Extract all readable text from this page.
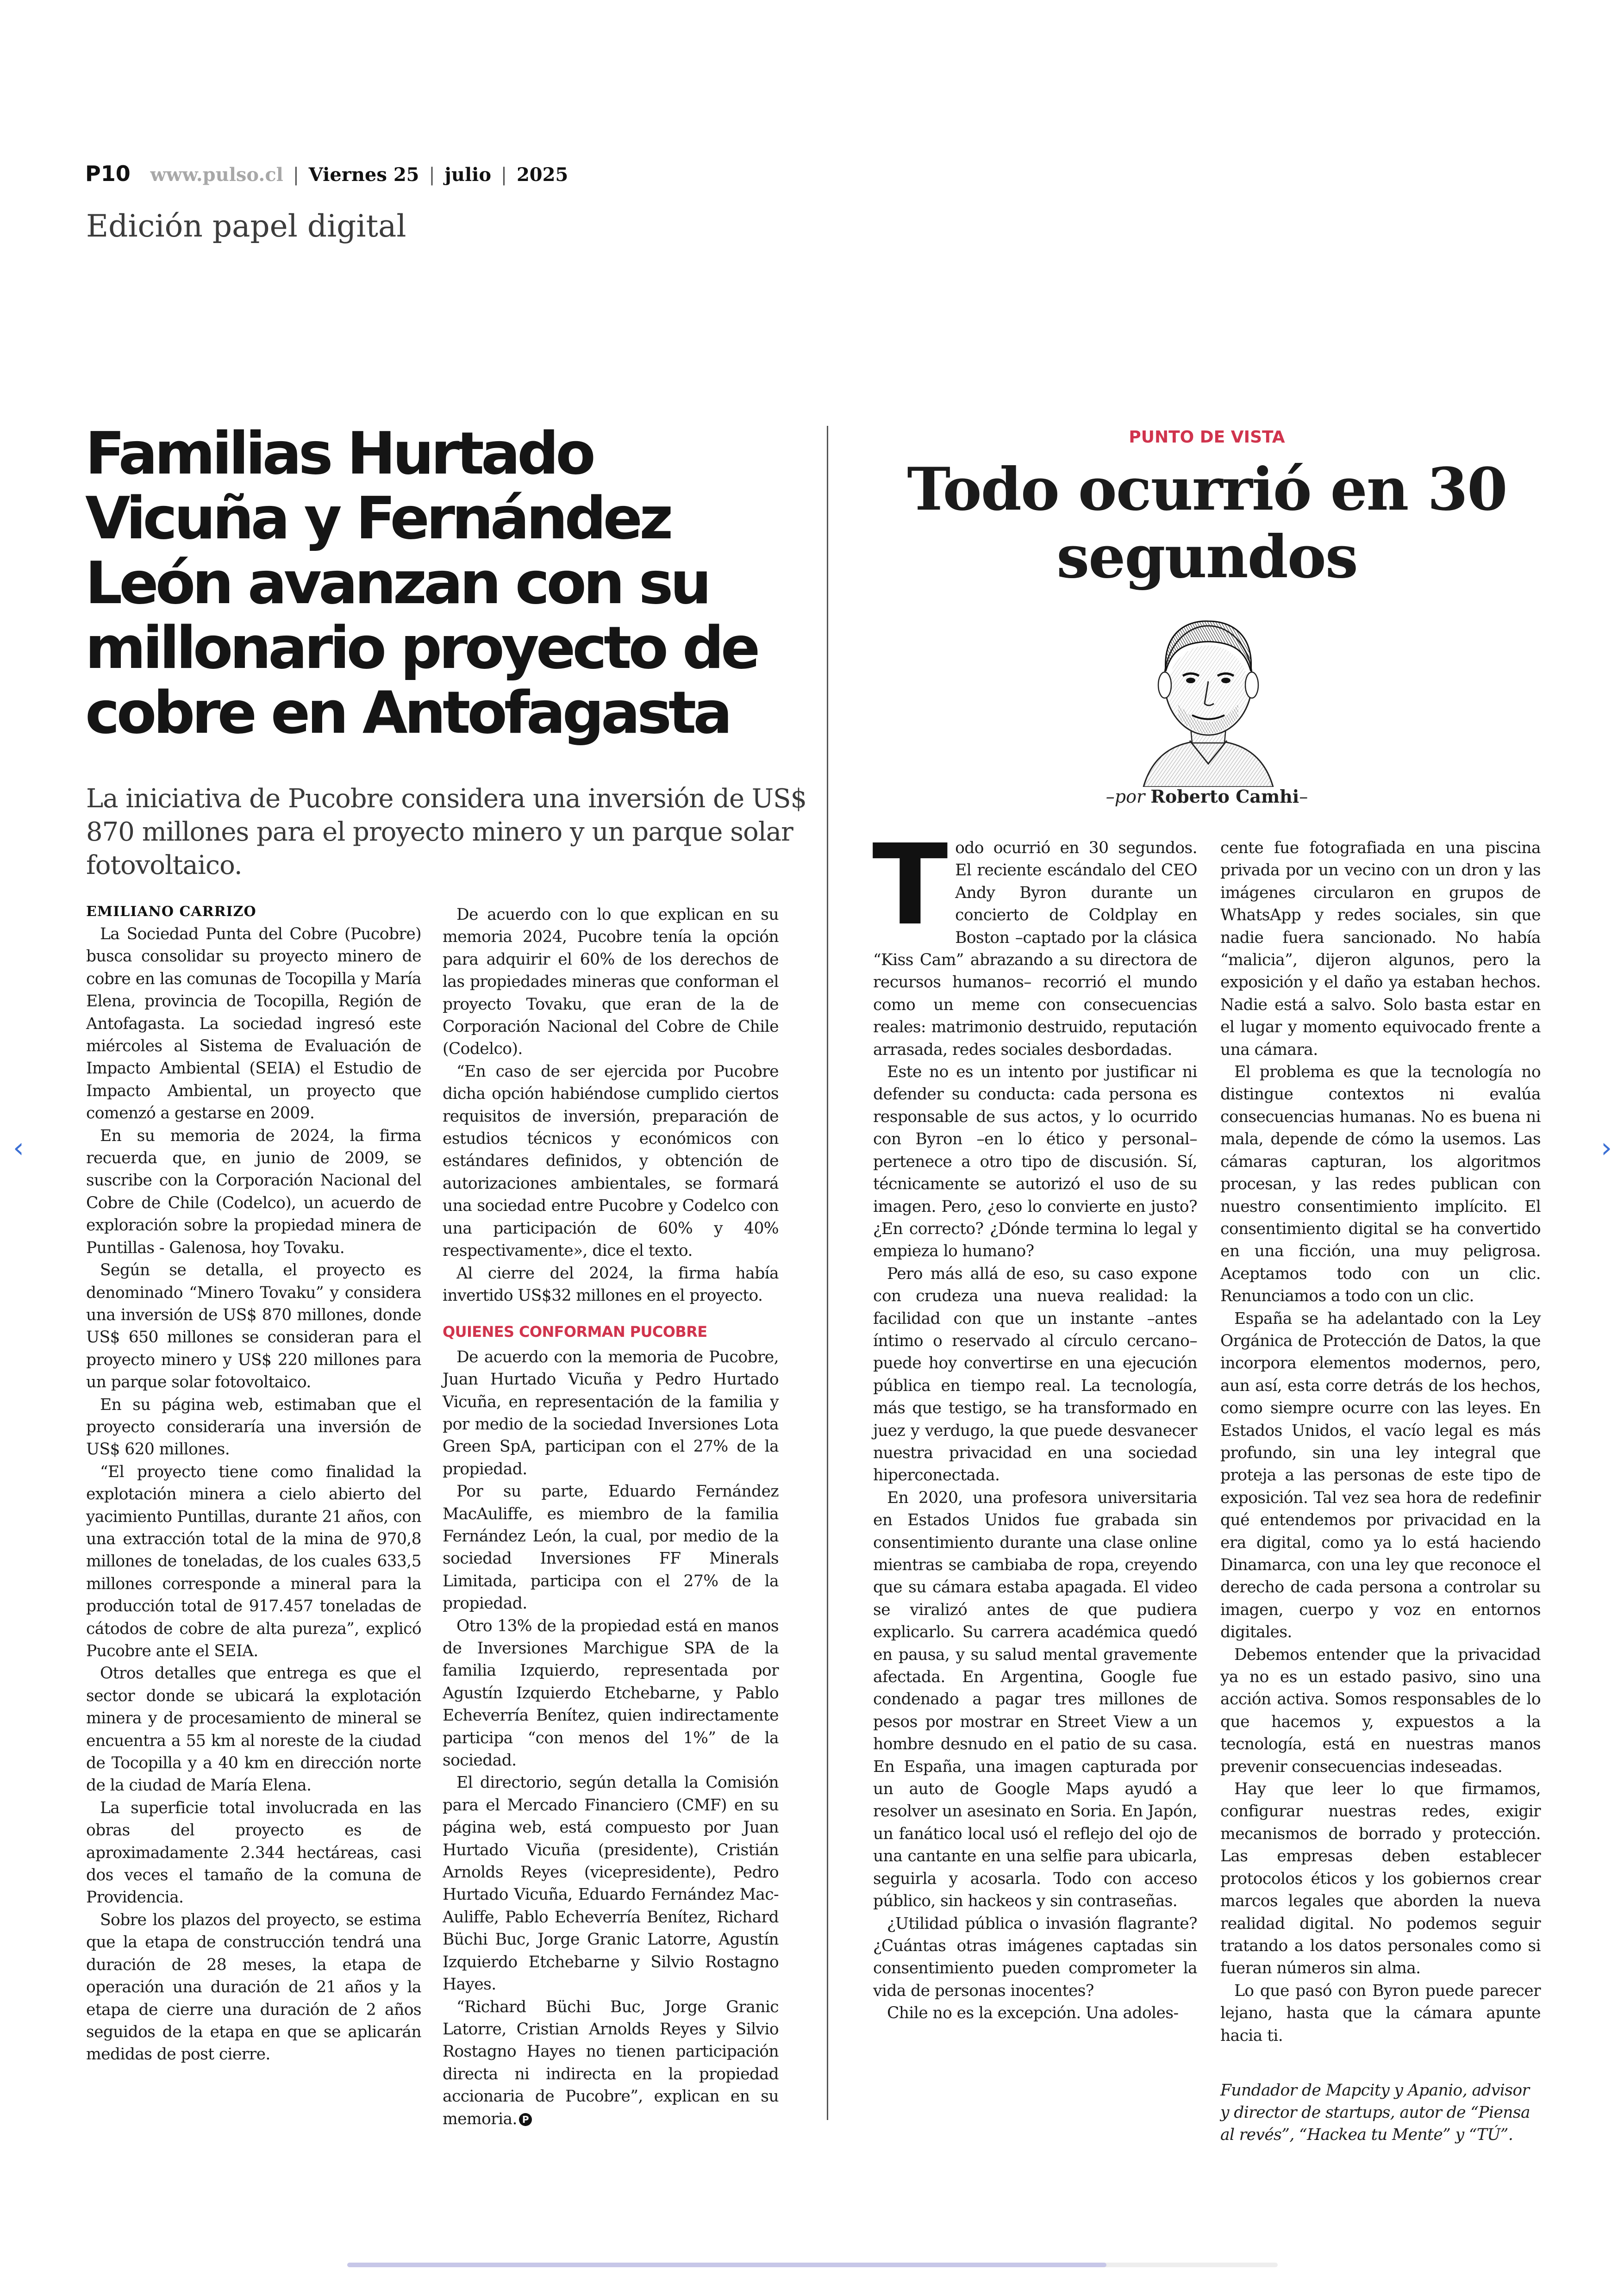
P10 www.pulso.cl | Viernes 25 | julio | 2025
Edición papel digital
Familias Hurtado Vicuña y Fernández León avanzan con su millonario proyecto de cobre en Antofagasta
La iniciativa de Pucobre considera una inversión de US$ 870 millones para el proyecto minero y un parque solar fotovoltaico.
EMILIANO CARRIZO

La Sociedad Punta del Cobre (Pucobre) busca consolidar su proyecto minero de cobre en las comunas de Tocopilla y María Elena, provincia de Tocopilla, Región de Antofagasta. La sociedad ingresó este miércoles al Sistema de Evaluación de Impacto Ambiental (SEIA) el Estudio de Impacto Ambiental, un proyecto que comenzó a gestarse en 2009.

En su memoria de 2024, la firma recuerda que, en junio de 2009, se suscribe con la Corporación Nacional del Cobre de Chile (Codelco), un acuerdo de exploración sobre la propiedad minera de Puntillas - Galenosa, hoy Tovaku.

Según se detalla, el proyecto es denominado “Minero Tovaku” y considera una inversión de US$ 870 millones, donde US$ 650 millones se consideran para el proyecto minero y US$ 220 millones para un parque solar fotovoltaico.

En su página web, estimaban que el proyecto consideraría una inversión de US$ 620 millones.

“El proyecto tiene como finalidad la explotación minera a cielo abierto del yacimiento Puntillas, durante 21 años, con una extracción total de la mina de 970,8 millones de toneladas, de los cuales 633,5 millones corresponde a mineral para la producción total de 917.457 toneladas de cátodos de cobre de alta pureza”, explicó Pucobre ante el SEIA.

Otros detalles que entrega es que el sector donde se ubicará la explotación minera y de procesamiento de mineral se encuentra a 55 km al noreste de la ciudad de Tocopilla y a 40 km en dirección norte de la ciudad de María Elena.

La superficie total involucrada en las obras del proyecto es de aproximadamente 2.344 hectáreas, casi dos veces el tamaño de la comuna de Providencia.

Sobre los plazos del proyecto, se estima que la etapa de construcción tendrá una duración de 28 meses, la etapa de operación una duración de 21 años y la etapa de cierre una duración de 2 años seguidos de la etapa en que se aplicarán medidas de post cierre.

De acuerdo con lo que explican en su memoria 2024, Pucobre tenía la opción para adquirir el 60% de los derechos de las propiedades mineras que conforman el proyecto Tovaku, que eran de la de Corporación Nacional del Cobre de Chile (Codelco).

“En caso de ser ejercida por Pucobre dicha opción habiéndose cumplido ciertos requisitos de inversión, preparación de estudios técnicos y económicos con estándares definidos, y obtención de autorizaciones ambientales, se formará una sociedad entre Pucobre y Codelco con una participación de 60% y 40% respectivamente», dice el texto.

Al cierre del 2024, la firma había invertido US$32 millones en el proyecto.

QUIENES CONFORMAN PUCOBRE

De acuerdo con la memoria de Pucobre, Juan Hurtado Vicuña y Pedro Hurtado Vicuña, en representación de la familia y por medio de la sociedad Inversiones Lota Green SpA, participan con el 27% de la propiedad.

Por su parte, Eduardo Fernández MacAuliffe, es miembro de la familia Fernández León, la cual, por medio de la sociedad Inversiones FF Minerals Limitada, participa con el 27% de la propiedad.

Otro 13% de la propiedad está en manos de Inversiones Marchigue SPA de la familia Izquierdo, representada por Agustín Izquierdo Etchebarne, y Pablo Echeverría Benítez, quien indirectamente participa “con menos del 1%” de la sociedad.

El directorio, según detalla la Comisión para el Mercado Financiero (CMF) en su página web, está compuesto por Juan Hurtado Vicuña (presidente), Cristián Arnolds Reyes (vicepresidente), Pedro Hurtado Vicuña, Eduardo Fernández Mac-Auliffe, Pablo Echeverría Benítez, Richard Büchi Buc, Jorge Granic Latorre, Agustín Izquierdo Etchebarne y Silvio Rostagno Hayes.

“Richard Büchi Buc, Jorge Granic Latorre, Cristian Arnolds Reyes y Silvio Rostagno Hayes no tienen participación directa ni indirecta en la propiedad accionaria de Pucobre”, explican en su memoria. P

PUNTO DE VISTA
Todo ocurrió en 30 segundos
–por Roberto Camhi–

Todo ocurrió en 30 segundos. El reciente escándalo del CEO Andy Byron durante un concierto de Coldplay en Boston –captado por la clásica “Kiss Cam” abrazando a su directora de recursos humanos– recorrió el mundo como un meme con consecuencias reales: matrimonio destruido, reputación arrasada, redes sociales desbordadas.

Este no es un intento por justificar ni defender su conducta: cada persona es responsable de sus actos, y lo ocurrido con Byron –en lo ético y personal– pertenece a otro tipo de discusión. Sí, técnicamente se autorizó el uso de su imagen. Pero, ¿eso lo convierte en justo? ¿En correcto? ¿Dónde termina lo legal y empieza lo humano?

Pero más allá de eso, su caso expone con crudeza una nueva realidad: la facilidad con que un instante –antes íntimo o reservado al círculo cercano– puede hoy convertirse en una ejecución pública en tiempo real. La tecnología, más que testigo, se ha transformado en juez y verdugo, la que puede desvanecer nuestra privacidad en una sociedad hiperconectada.

En 2020, una profesora universitaria en Estados Unidos fue grabada sin consentimiento durante una clase online mientras se cambiaba de ropa, creyendo que su cámara estaba apagada. El video se viralizó antes de que pudiera explicarlo. Su carrera académica quedó en pausa, y su salud mental gravemente afectada. En Argentina, Google fue condenado a pagar tres millones de pesos por mostrar en Street View a un hombre desnudo en el patio de su casa. En España, una imagen capturada por un auto de Google Maps ayudó a resolver un asesinato en Soria. En Japón, un fanático local usó el reflejo del ojo de una cantante en una selfie para ubicarla, seguirla y acosarla. Todo con acceso público, sin hackeos y sin contraseñas.

¿Utilidad pública o invasión flagrante? ¿Cuántas otras imágenes captadas sin consentimiento pueden comprometer la vida de personas inocentes?

Chile no es la excepción. Una adoles-

cente fue fotografiada en una piscina privada por un vecino con un dron y las imágenes circularon en grupos de WhatsApp y redes sociales, sin que nadie fuera sancionado. No había “malicia”, dijeron algunos, pero la exposición y el daño ya estaban hechos. Nadie está a salvo. Solo basta estar en el lugar y momento equivocado frente a una cámara.

El problema es que la tecnología no distingue contextos ni evalúa consecuencias humanas. No es buena ni mala, depende de cómo la usemos. Las cámaras capturan, los algoritmos procesan, y las redes publican con nuestro consentimiento implícito. El consentimiento digital se ha convertido en una ficción, una muy peligrosa. Aceptamos todo con un clic. Renunciamos a todo con un clic.

España se ha adelantado con la Ley Orgánica de Protección de Datos, la que incorpora elementos modernos, pero, aun así, esta corre detrás de los hechos, como siempre ocurre con las leyes. En Estados Unidos, el vacío legal es más profundo, sin una ley integral que proteja a las personas de este tipo de exposición. Tal vez sea hora de redefinir qué entendemos por privacidad en la era digital, como ya lo está haciendo Dinamarca, con una ley que reconoce el derecho de cada persona a controlar su imagen, cuerpo y voz en entornos digitales.

Debemos entender que la privacidad ya no es un estado pasivo, sino una acción activa. Somos responsables de lo que hacemos y, expuestos a la tecnología, está en nuestras manos prevenir consecuencias indeseadas.

Hay que leer lo que firmamos, configurar nuestras redes, exigir mecanismos de borrado y protección. Las empresas deben establecer protocolos éticos y los gobiernos crear marcos legales que aborden la nueva realidad digital. No podemos seguir tratando a los datos personales como si fueran números sin alma.

Lo que pasó con Byron puede parecer lejano, hasta que la cámara apunte hacia ti.

Fundador de Mapcity y Apanio, advisor y director de startups, autor de “Piensa al revés”, “Hackea tu Mente” y “TÚ”.

‹	›
